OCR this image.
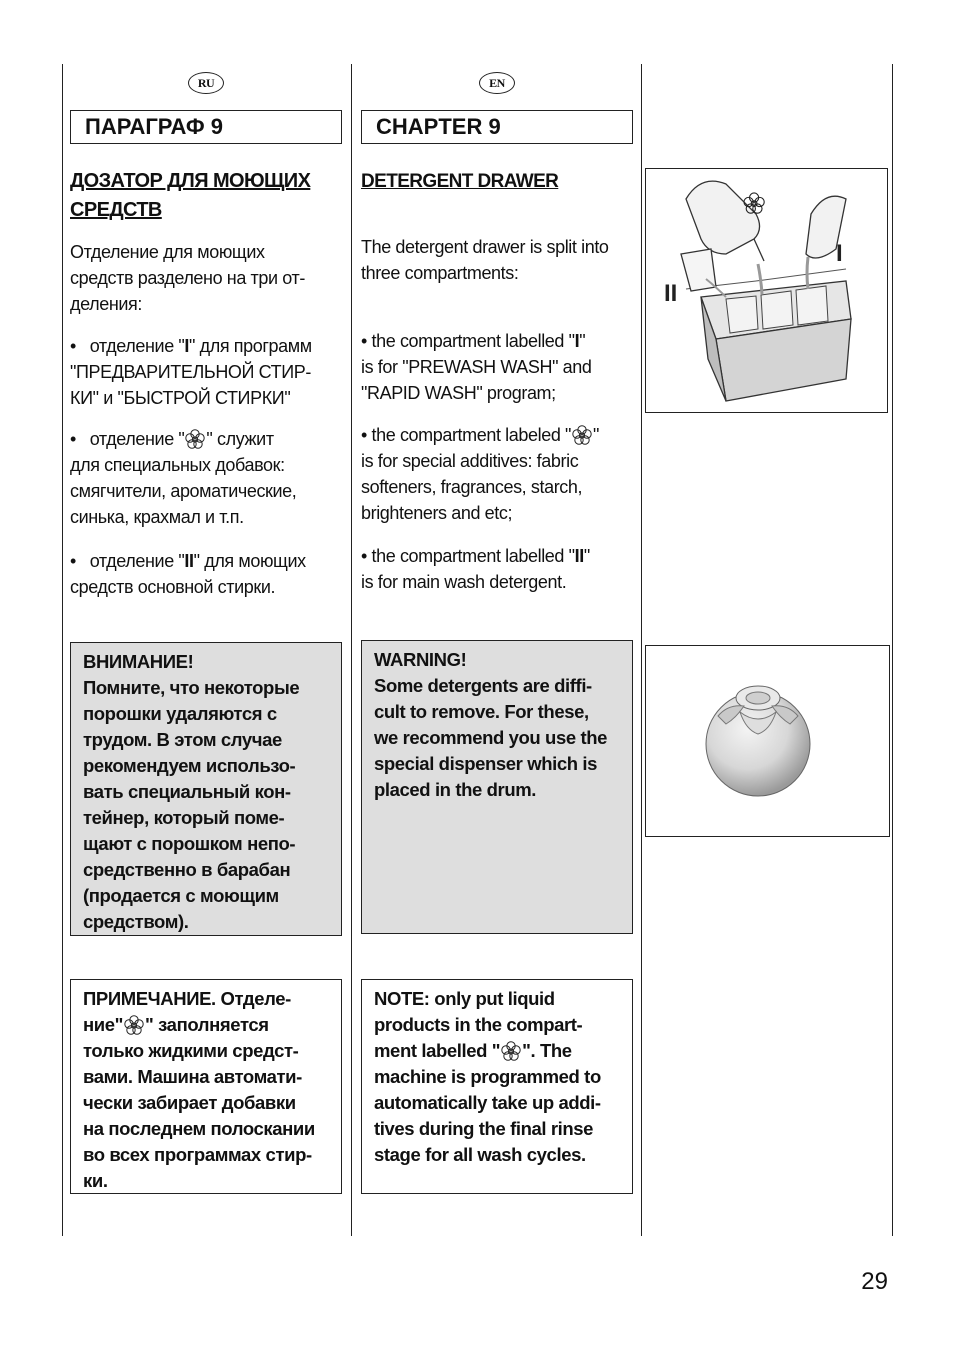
RU
ПАРАГРАФ 9
ДОЗАТОР ДЛЯ МОЮЩИХ
СРЕДСТВ
Отделение для моющих
средств разделено на три от-
деления:
•   отделение "I" для программ
"ПРЕДВАРИТЕЛЬНОЙ СТИР-
КИ" и "БЫСТРОЙ СТИРКИ"
•   отделение " " служит
для специальных добавок:
смягчители, ароматические,
синька, крахмал и т.п.
•   отделение "II" для моющих
средств основной стирки.
ВНИМАНИЕ!
Помните, что некоторые
порошки удаляются с
трудом. В этом случае
рекомендуем использо-
вать специальный кон-
тейнер, который поме-
щают с порошком непо-
средственно в барабан
(продается с моющим
средством).
ПРИМЕЧАНИЕ. Отделе-
ние" " заполняется
только жидкими средст-
вами. Машина автомати-
чески забирает добавки
на последнем полоскании
во всех программах стир-
ки.
EN
CHAPTER 9
DETERGENT DRAWER
The detergent drawer is split into
three compartments:
• the compartment labelled "I"
is for "PREWASH WASH" and
"RAPID WASH" program;
• the compartment labeled " "
is for special additives: fabric
softeners, fragrances, starch,
brighteners and etc;
• the compartment labelled "II"
is for main wash detergent.
WARNING!
Some detergents are diffi-
cult to remove. For these,
we recommend you use the
special dispenser which is
placed in the drum.
NOTE: only put liquid
products in the compart-
ment labelled " ". The
machine is programmed to
automatically take up addi-
tives during the final rinse
stage for all wash cycles.
I
II
29
